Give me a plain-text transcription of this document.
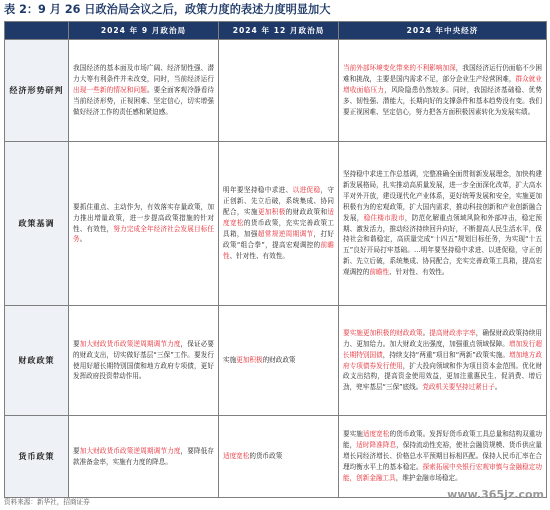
表 2：9 月 26 日政治局会议之后，政策力度的表述力度明显加大
	2024 年 9 月政治局	2024 年 12 月政治局	2024 年中央经济
经济形势研判	我国经济的基本面及市场广阔、经济韧性强、潜力大等有利条件并未改变，同时，当前经济运行出现一些新的情况和问题。要全面客观冷静看待当前经济形势，正视困难、坚定信心，切实增强做好经济工作的责任感和紧迫感。		当前外部环境变化带来的不利影响加深，我国经济运行仍面临不少困难和挑战，主要是国内需求不足，部分企业生产经营困难，群众就业增收面临压力，风险隐患仍然较多。同时，我国经济基础稳、优势多、韧性强、潜能大，长期向好的支撑条件和基本趋势没有变。我们要正视困难、坚定信心，努力把各方面积极因素转化为发展实绩。

政策基调	要抓住重点、主动作为，有效落实存量政策，加力推出增量政策，进一步提高政策措施的针对性、有效性，努力完成全年经济社会发展目标任务。	明年要坚持稳中求进、以进促稳，守正创新、先立后破，系统集成、协同配合，实施更加积极的财政政策和适度宽松的货币政策，充实完善政策工具箱，加强超常规逆周期调节，打好政策“组合拳”，提高宏观调控的前瞻性、针对性、有效性。	坚持稳中求进工作总基调，完整准确全面贯彻新发展理念，加快构建新发展格局，扎实推动高质量发展，进一步全面深化改革，扩大高水平对外开放，建设现代化产业体系，更好统筹发展和安全，实施更加积极有为的宏观政策，扩大国内需求，推动科技创新和产业创新融合发展，稳住楼市股市，防范化解重点领域风险和外部冲击，稳定预期、激发活力，推动经济持续回升向好，不断提高人民生活水平，保持社会和谐稳定，高质量完成“十四五”规划目标任务，为实现“十五五”良好开局打牢基础。…明年要坚持稳中求进、以进促稳，守正创新、先立后破，系统集成、协同配合，充实完善政策工具箱，提高宏观调控的前瞻性、针对性、有效性。

财政政策	要加大财政货币政策逆周期调节力度，保证必要的财政支出，切实做好基层“三保”工作。要发行使用好超长期特别国债和地方政府专项债，更好发挥政府投资带动作用。	实施更加积极的财政政策	要实施更加积极的财政政策。提高财政赤字率，确保财政政策持续用力、更加给力。加大财政支出强度，加强重点领域保障。增加发行超长期特别国债，持续支持“两重”项目和“两新”政策实施。增加地方政府专项债券发行使用，扩大投向领域和作为项目资本金范围。优化财政支出结构，提高资金使用效益，更加注重惠民生、促消费、增后劲，兜牢基层“三保”底线。党政机关要坚持过紧日子。

货币政策	要加大财政货币政策逆周期调节力度，要降低存款准备金率，实施有力度的降息。	适度宽松的货币政策	要实施适度宽松的货币政策。发挥好货币政策工具总量和结构双重功能，适时降准降息，保持流动性充裕，使社会融资规模、货币供应量增长同经济增长、价格总水平预期目标相匹配。保持人民币汇率在合理均衡水平上的基本稳定。探索拓展中央银行宏观审慎与金融稳定功能，创新金融工具，维护金融市场稳定。
资料来源：新华社，招商证券
www.365jz.com
